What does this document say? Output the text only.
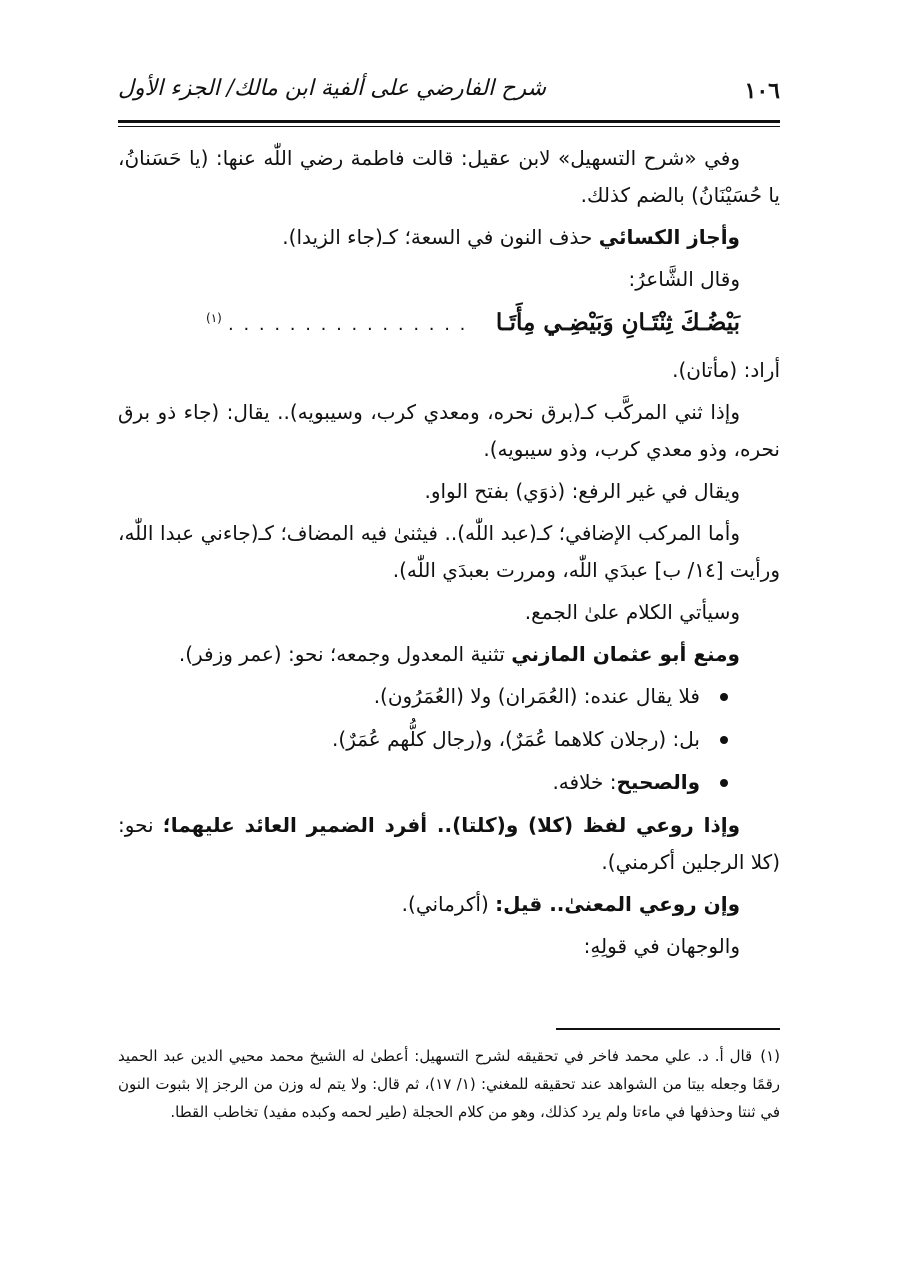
١٠٦
شرح الفارضي على ألفية ابن مالك/ الجزء الأول

وفي «شرح التسهيل» لابن عقيل: قالت فاطمة رضي اللّٰه عنها: (يا حَسَنانُ، يا حُسَيْنَانُ) بالضم كذلك.

وأجاز الكسائي حذف النون في السعة؛ كـ(جاء الزيدا).

وقال الشَّاعرُ:

بَيْضُـكَ ثِنْتَـانِ وَبَيْضِـي مِأَتَـا
(١) . . . . . . . . . . . . . . . .

أراد: (مأتان).

وإذا ثني المركَّب كـ(برق نحره، ومعدي كرب، وسيبويه).. يقال: (جاء ذو برق نحره، وذو معدي كرب، وذو سيبويه).

ويقال في غير الرفع: (ذوَي) بفتح الواو.

وأما المركب الإضافي؛ كـ(عبد اللّٰه).. فيثنىٰ فيه المضاف؛ كـ(جاءني عبدا اللّٰه، ورأيت [١٤/ ب] عبدَي اللّٰه، ومررت بعبدَي اللّٰه).

وسيأتي الكلام علىٰ الجمع.

ومنع أبو عثمان المازني تثنية المعدول وجمعه؛ نحو: (عمر وزفر).

فلا يقال عنده: (العُمَران) ولا (العُمَرُون).
بل: (رجلان كلاهما عُمَرٌ)، و(رجال كلُّهم عُمَرٌ).
والصحيح: خلافه.

وإذا روعي لفظ (كلا) و(كلتا).. أفرد الضمير العائد عليهما؛ نحو: (كلا الرجلين أكرمني).

وإن روعي المعنىٰ.. قيل: (أكرماني).

والوجهان في قولِهِ:

(١)قال أ. د. علي محمد فاخر في تحقيقه لشرح التسهيل: أعطىٰ له الشيخ محمد محيي الدين عبد الحميد رقمًا وجعله بيتا من الشواهد عند تحقيقه للمغني: (١/ ١٧)، ثم قال: ولا يتم له وزن من الرجز إلا بثبوت النون في ثنتا وحذفها في ماءتا ولم يرد كذلك، وهو من كلام الحجلة (طير لحمه وكبده مفيد) تخاطب القطا.
